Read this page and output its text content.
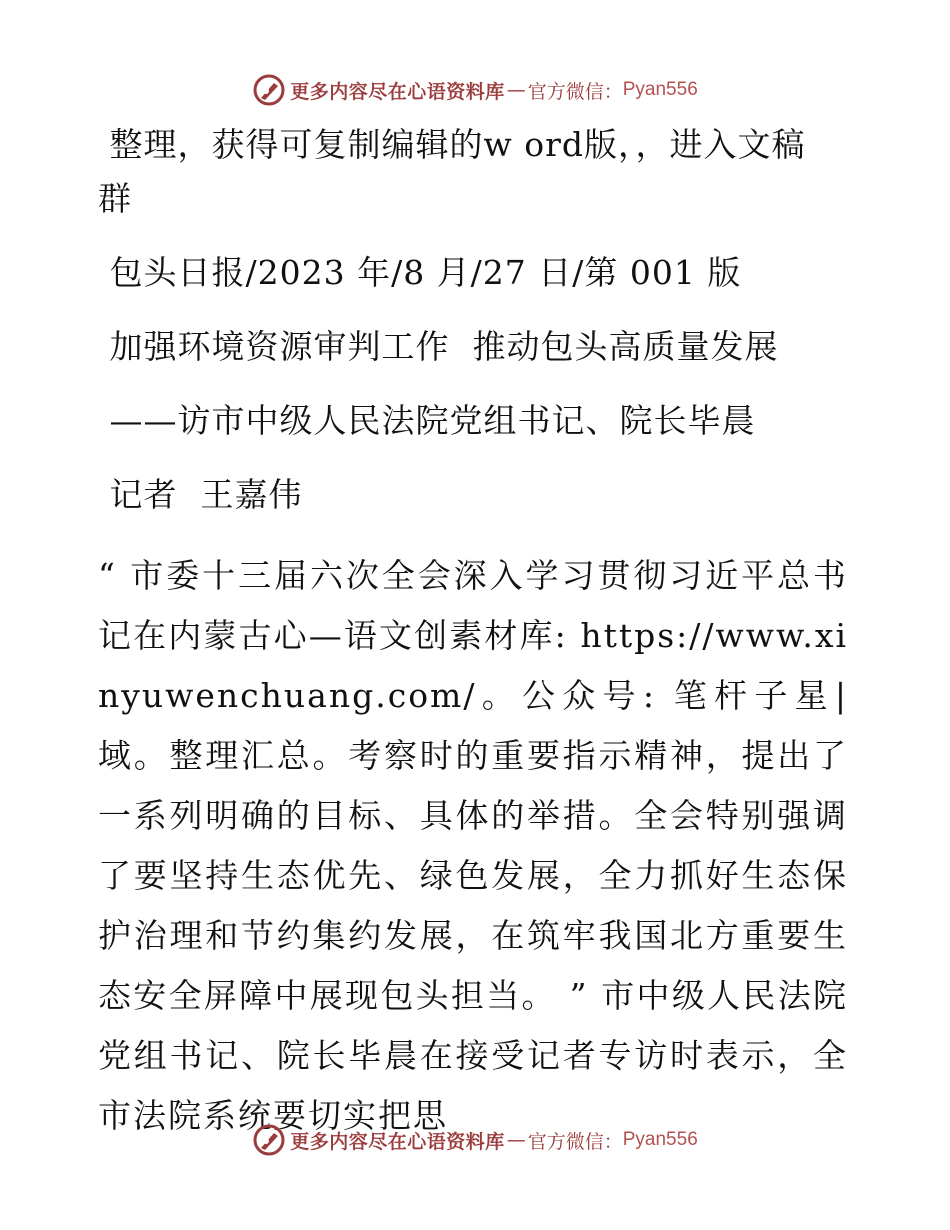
更多内容尽在心语资料库 — 官方微信： Pyan556
整理，获得可复制编辑的w ord版，，进入文稿
群
包头日报/2023 年/8 月/27 日/第 001 版
加强环境资源审判工作  推动包头高质量发展
——访市中级人民法院党组书记、院长毕晨
记者  王嘉伟
“ 市委十三届六次全会深入学习贯彻习近平总书记在内蒙古心—语文创素材库: https://www.xinyuwenchuang.com/。公众号: 笔杆子星|域。整理汇总。考察时的重要指示精神，提出了一系列明确的目标、具体的举措。全会特别强调了要坚持生态优先、绿色发展，全力抓好生态保护治理和节约集约发展，在筑牢我国北方重要生态安全屏障中展现包头担当。 ” 市中级人民法院党组书记、院长毕晨在接受记者专访时表示，全市法院系统要切实把思
更多内容尽在心语资料库 — 官方微信： Pyan556
